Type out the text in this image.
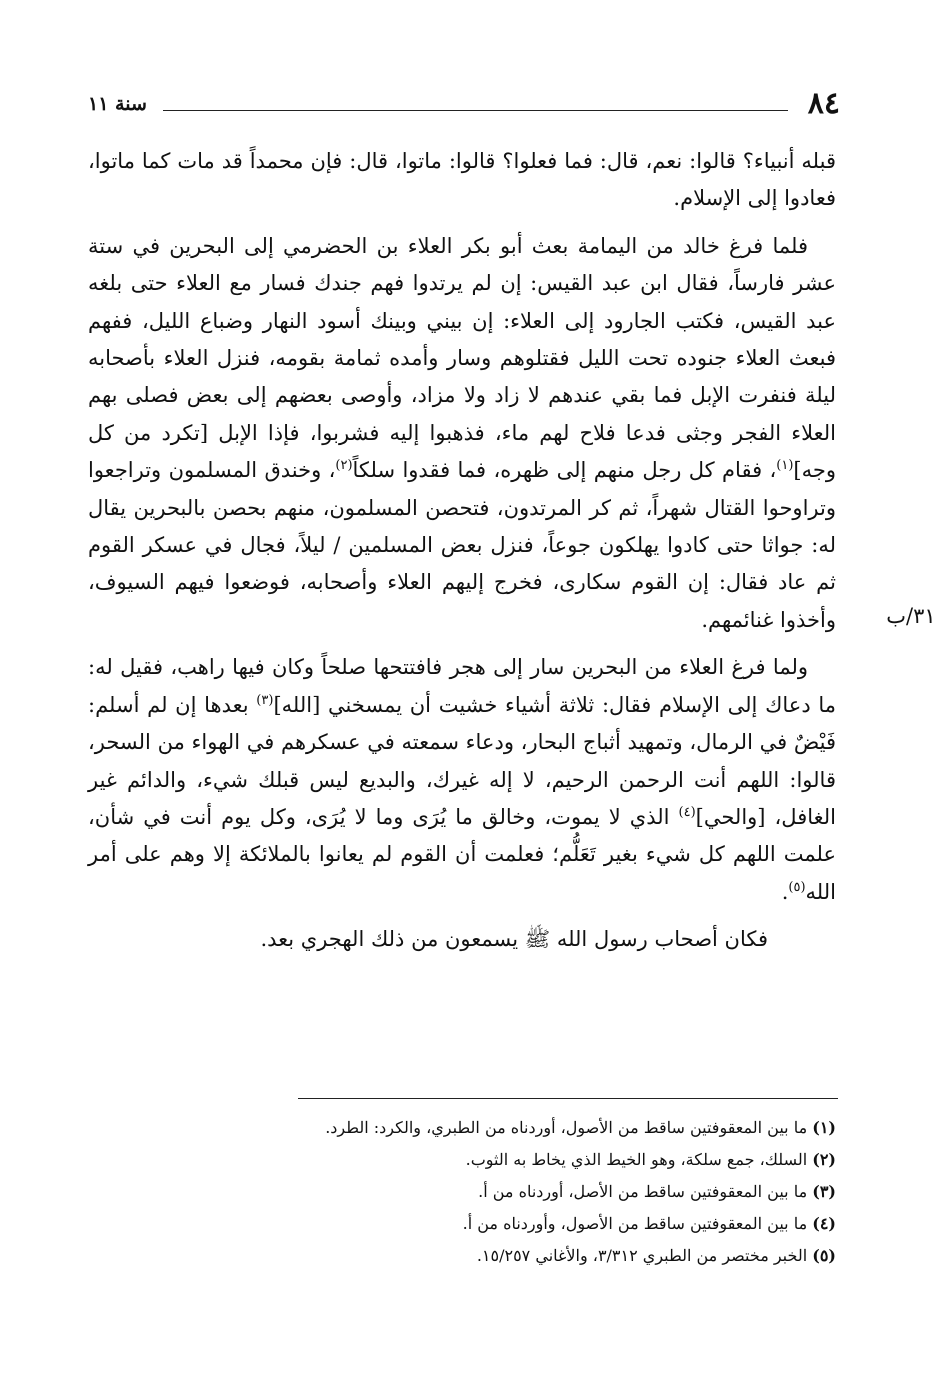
٨٤
سنة ١١
٣١/ب

قبله أنبياء؟ قالوا: نعم، قال: فما فعلوا؟ قالوا: ماتوا، قال: فإن محمداً قد مات كما ماتوا، فعادوا إلى الإسلام.

فلما فرغ خالد من اليمامة بعث أبو بكر العلاء بن الحضرمي إلى البحرين في ستة عشر فارساً، فقال ابن عبد القيس: إن لم يرتدوا فهم جندك فسار مع العلاء حتى بلغه عبد القيس، فكتب الجارود إلى العلاء: إن بيني وبينك أسود النهار وضباع الليل، ففهم فبعث العلاء جنوده تحت الليل فقتلوهم وسار وأمده ثمامة بقومه، فنزل العلاء بأصحابه ليلة فنفرت الإبل فما بقي عندهم لا زاد ولا مزاد، وأوصى بعضهم إلى بعض فصلى بهم العلاء الفجر وجثى فدعا فلاح لهم ماء، فذهبوا إليه فشربوا، فإذا الإبل [تكرد من كل وجه]$^{(١)}$، فقام كل رجل منهم إلى ظهره، فما فقدوا سلكاً$^{(٢)}$، وخندق المسلمون وتراجعوا وتراوحوا القتال شهراً، ثم كر المرتدون، فتحصن المسلمون، منهم بحصن بالبحرين يقال له: جواثا حتى كادوا يهلكون جوعاً، فنزل بعض المسلمين / ليلاً، فجال في عسكر القوم ثم عاد فقال: إن القوم سكارى، فخرج إليهم العلاء وأصحابه، فوضعوا فيهم السيوف، وأخذوا غنائمهم.

ولما فرغ العلاء من البحرين سار إلى هجر فافتتحها صلحاً وكان فيها راهب، فقيل له: ما دعاك إلى الإسلام فقال: ثلاثة أشياء خشيت أن يمسخني [الله]$^{(٣)}$ بعدها إن لم أسلم: فَيْضٌ في الرمال، وتمهيد أثباج البحار، ودعاء سمعته في عسكرهم في الهواء من السحر، قالوا: اللهم أنت الرحمن الرحيم، لا إله غيرك، والبديع ليس قبلك شيء، والدائم غير الغافل، [والحي]$^{(٤)}$ الذي لا يموت، وخالق ما يُرَى وما لا يُرَى، وكل يوم أنت في شأن، علمت اللهم كل شيء بغير تَعَلُّم؛ فعلمت أن القوم لم يعانوا بالملائكة إلا وهم على أمر الله$^{(٥)}$.

فكان أصحاب رسول الله ﷺ يسمعون من ذلك الهجري بعد.

(١) ما بين المعقوفتين ساقط من الأصول، أوردناه من الطبري، والكرد: الطرد.
(٢) السلك، جمع سلكة، وهو الخيط الذي يخاط به الثوب.
(٣) ما بين المعقوفتين ساقط من الأصل، أوردناه من أ.
(٤) ما بين المعقوفتين ساقط من الأصول، وأوردناه من أ.
(٥) الخبر مختصر من الطبري ٣/٣١٢، والأغاني ١٥/٢٥٧.
